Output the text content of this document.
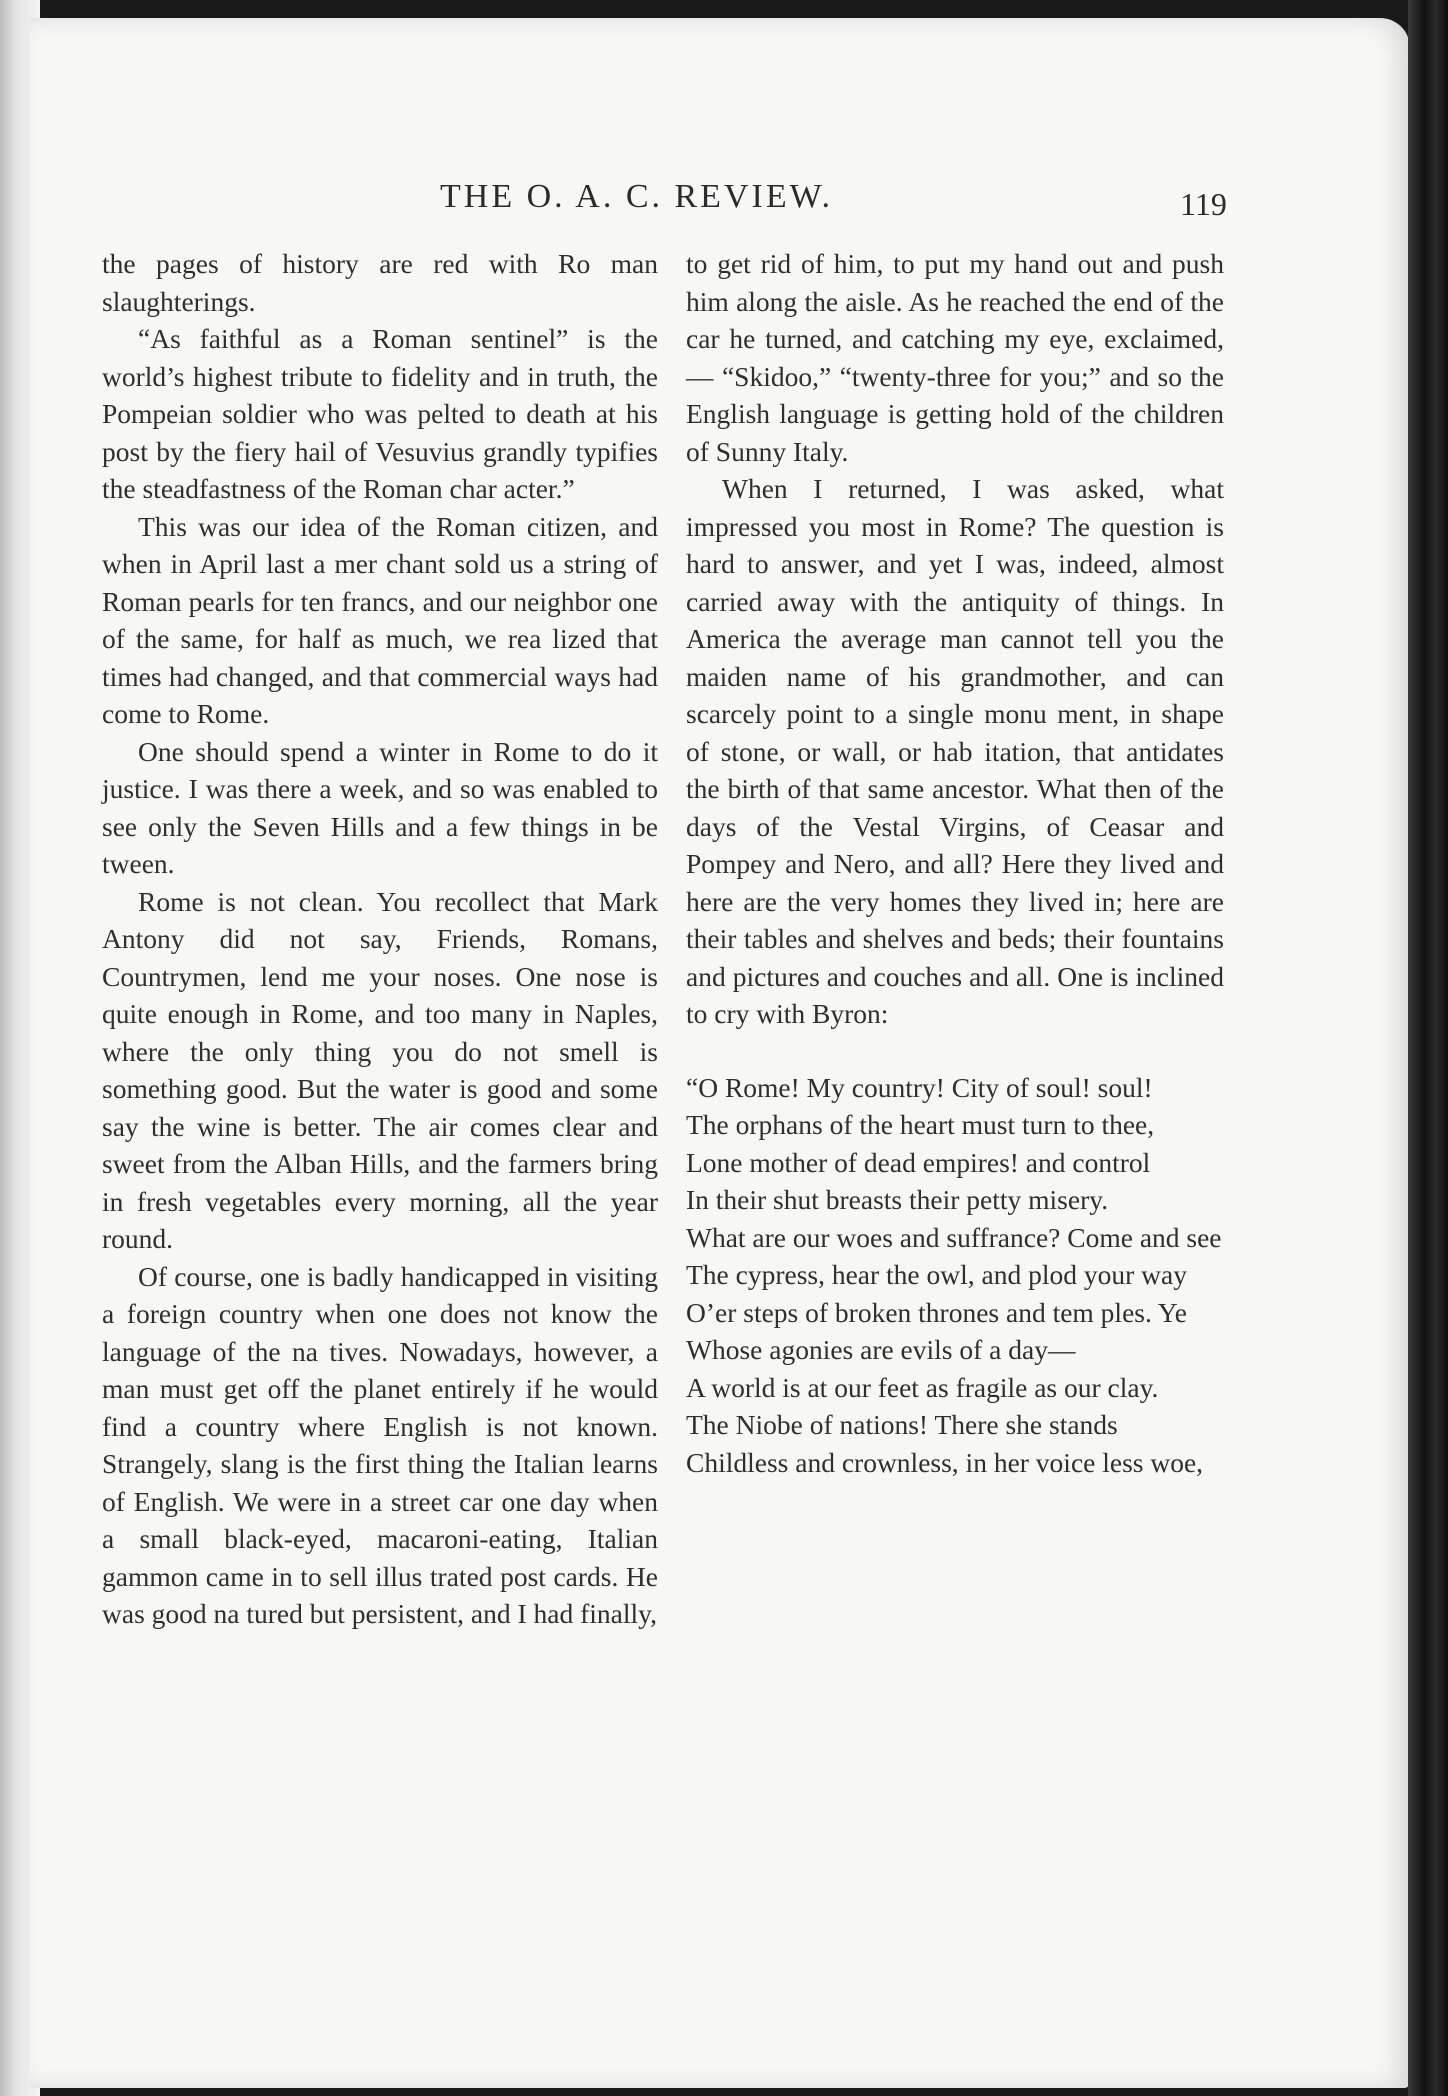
THE O. A. C. REVIEW.	119

the pages of history are red with Ro man slaughterings.

“As faithful as a Roman sentinel” is the world’s highest tribute to fidelity and in truth, the Pompeian soldier who was pelted to death at his post by the fiery hail of Vesuvius grandly typifies the steadfastness of the Roman char acter.”

This was our idea of the Roman citizen, and when in April last a mer chant sold us a string of Roman pearls for ten francs, and our neighbor one of the same, for half as much, we rea lized that times had changed, and that commercial ways had come to Rome.

One should spend a winter in Rome to do it justice. I was there a week, and so was enabled to see only the Seven Hills and a few things in be tween.

Rome is not clean. You recollect that Mark Antony did not say, Friends, Romans, Countrymen, lend me your noses. One nose is quite enough in Rome, and too many in Naples, where the only thing you do not smell is something good. But the water is good and some say the wine is better. The air comes clear and sweet from the Alban Hills, and the farmers bring in fresh vegetables every morning, all the year round.

Of course, one is badly handicapped in visiting a foreign country when one does not know the language of the na tives. Nowadays, however, a man must get off the planet entirely if he would find a country where English is not known. Strangely, slang is the first thing the Italian learns of English. We were in a street car one day when a small black-eyed, macaroni-eating, Italian gammon came in to sell illus trated post cards. He was good na tured but persistent, and I had finally,

to get rid of him, to put my hand out and push him along the aisle. As he reached the end of the car he turned, and catching my eye, exclaimed,— “Skidoo,” “twenty-three for you;” and so the English language is getting hold of the children of Sunny Italy.

When I returned, I was asked, what impressed you most in Rome? The question is hard to answer, and yet I was, indeed, almost carried away with the antiquity of things. In America the average man cannot tell you the maiden name of his grandmother, and can scarcely point to a single monu ment, in shape of stone, or wall, or hab itation, that antidates the birth of that same ancestor. What then of the days of the Vestal Virgins, of Ceasar and Pompey and Nero, and all? Here they lived and here are the very homes they lived in; here are their tables and shelves and beds; their fountains and pictures and couches and all. One is inclined to cry with Byron:

“O Rome! My country! City of soul! soul!
The orphans of the heart must turn to thee,
Lone mother of dead empires! and control
In their shut breasts their petty misery.
What are our woes and suffrance? Come and see
The cypress, hear the owl, and plod your way
O’er steps of broken thrones and tem ples. Ye
Whose agonies are evils of a day—
A world is at our feet as fragile as our clay.
The Niobe of nations! There she stands
Childless and crownless, in her voice less woe,
